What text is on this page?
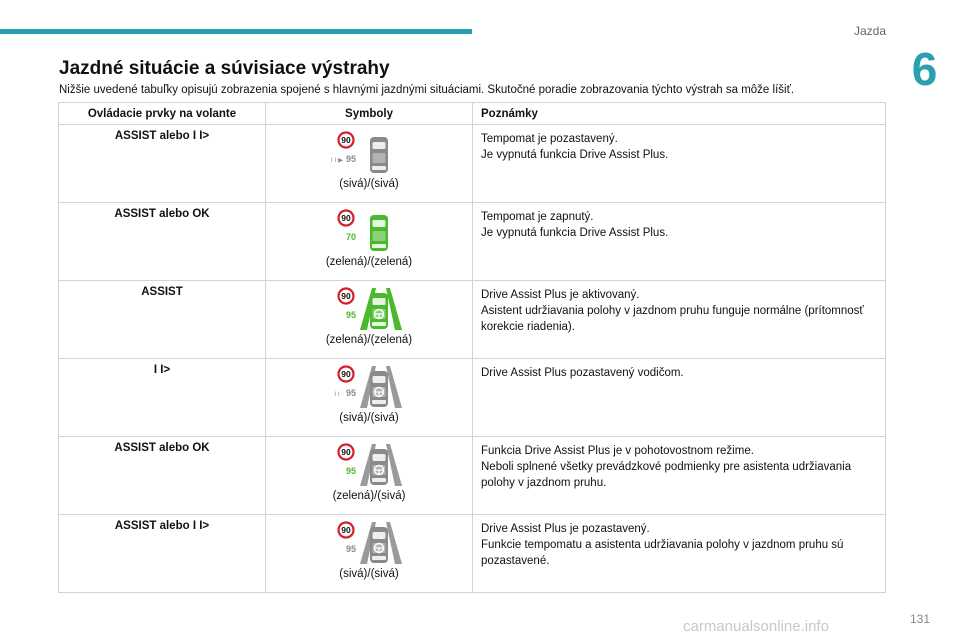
Jazda
6
Jazdné situácie a súvisiace výstrahy
Nižšie uvedené tabuľky opisujú zobrazenia spojené s hlavnými jazdnými situáciami. Skutočné poradie zobrazovania týchto výstrah sa môže líšiť.
Ovládacie prvky na volante	Symboly	Poznámky
ASSIST alebo I I>	90
I I ▶ 95
(sivá)/(sivá)	Tempomat je pozastavený.
Je vypnutá funkcia Drive Assist Plus.

ASSIST alebo OK	90
70
(zelená)/(zelená)	Tempomat je zapnutý.
Je vypnutá funkcia Drive Assist Plus.

ASSIST	90
95
(zelená)/(zelená)	Drive Assist Plus je aktivovaný.
Asistent udržiavania polohy v jazdnom pruhu funguje normálne (prítomnosť korekcie riadenia).

I I>	90
I I 95
(sivá)/(sivá)	Drive Assist Plus pozastavený vodičom.

ASSIST alebo OK	90
95
(zelená)/(sivá)	Funkcia Drive Assist Plus je v pohotovostnom režime.
Neboli splnené všetky prevádzkové podmienky pre asistenta udržiavania polohy v jazdnom pruhu.

ASSIST alebo I I>	90
95
(sivá)/(sivá)	Drive Assist Plus je pozastavený.
Funkcie tempomatu a asistenta udržiavania polohy v jazdnom pruhu sú pozastavené.
131
carmanualsonline.info
